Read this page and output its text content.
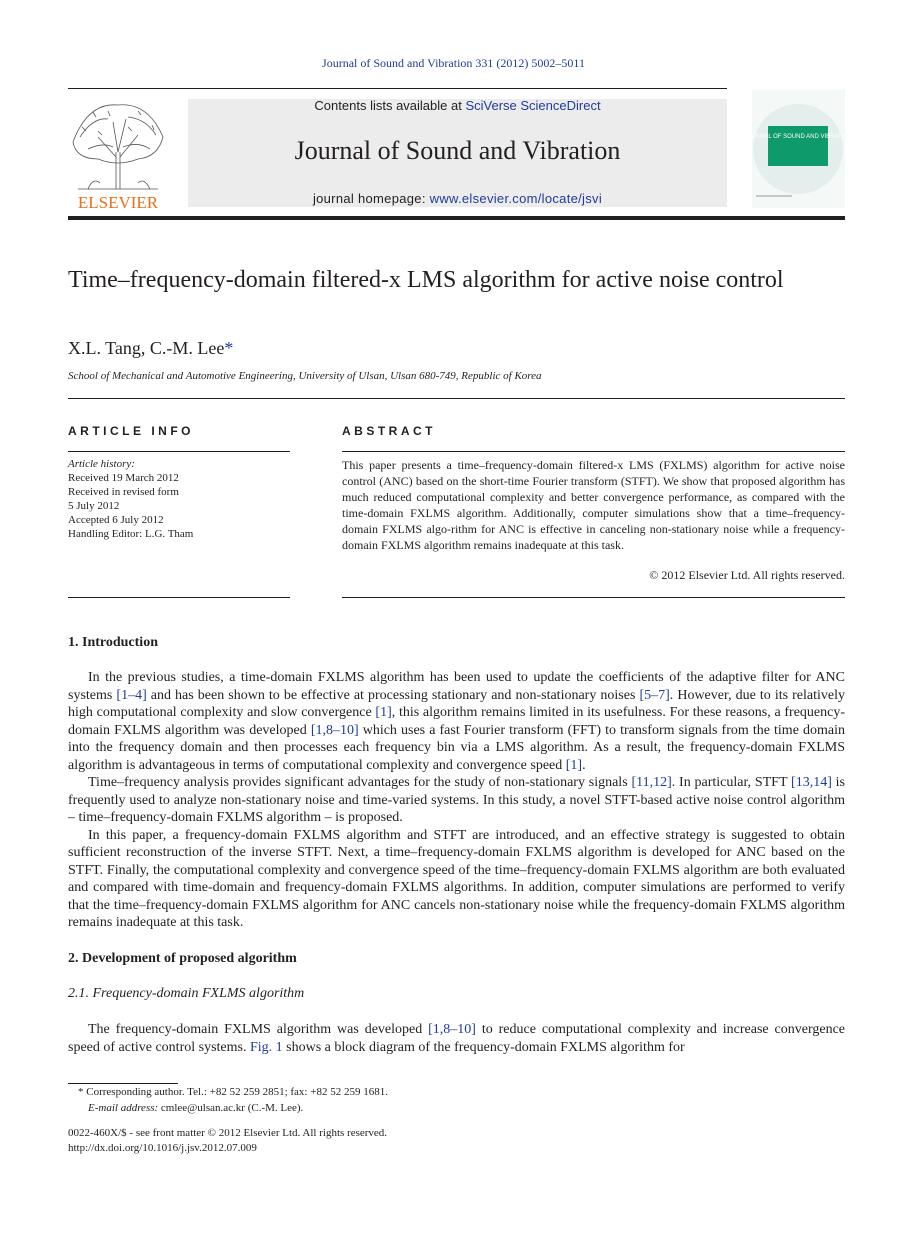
Journal of Sound and Vibration 331 (2012) 5002–5011
ELSEVIER
Contents lists available at SciVerse ScienceDirect
Journal of Sound and Vibration
journal homepage: www.elsevier.com/locate/jsvi
JOURNAL OF SOUND AND VIBRATION
Time–frequency-domain filtered-x LMS algorithm for active noise control
X.L. Tang, C.-M. Lee*
School of Mechanical and Automotive Engineering, University of Ulsan, Ulsan 680-749, Republic of Korea
ARTICLE INFO	ABSTRACT
Article history:
Received 19 March 2012
Received in revised form
5 July 2012
Accepted 6 July 2012
Handling Editor: L.G. Tham
This paper presents a time–frequency-domain filtered-x LMS (FXLMS) algorithm for active noise control (ANC) based on the short-time Fourier transform (STFT). We show that proposed algorithm has much reduced computational complexity and better convergence performance, as compared with the time-domain FXLMS algorithm. Additionally, computer simulations show that a time–frequency-domain FXLMS algo-rithm for ANC is effective in canceling non-stationary noise while a frequency-domain FXLMS algorithm remains inadequate at this task.
© 2012 Elsevier Ltd. All rights reserved.
1. Introduction

In the previous studies, a time-domain FXLMS algorithm has been used to update the coefficients of the adaptive filter for ANC systems [1–4] and has been shown to be effective at processing stationary and non-stationary noises [5–7]. However, due to its relatively high computational complexity and slow convergence [1], this algorithm remains limited in its usefulness. For these reasons, a frequency-domain FXLMS algorithm was developed [1,8–10] which uses a fast Fourier transform (FFT) to transform signals from the time domain into the frequency domain and then processes each frequency bin via a LMS algorithm. As a result, the frequency-domain FXLMS algorithm is advantageous in terms of computational complexity and convergence speed [1].

Time–frequency analysis provides significant advantages for the study of non-stationary signals [11,12]. In particular, STFT [13,14] is frequently used to analyze non-stationary noise and time-varied systems. In this study, a novel STFT-based active noise control algorithm – time–frequency-domain FXLMS algorithm – is proposed.

In this paper, a frequency-domain FXLMS algorithm and STFT are introduced, and an effective strategy is suggested to obtain sufficient reconstruction of the inverse STFT. Next, a time–frequency-domain FXLMS algorithm is developed for ANC based on the STFT. Finally, the computational complexity and convergence speed of the time–frequency-domain FXLMS algorithm are both evaluated and compared with time-domain and frequency-domain FXLMS algorithms. In addition, computer simulations are performed to verify that the time–frequency-domain FXLMS algorithm for ANC cancels non-stationary noise while the frequency-domain FXLMS algorithm remains inadequate at this task.

2. Development of proposed algorithm
2.1. Frequency-domain FXLMS algorithm

The frequency-domain FXLMS algorithm was developed [1,8–10] to reduce computational complexity and increase convergence speed of active control systems. Fig. 1 shows a block diagram of the frequency-domain FXLMS algorithm for

* Corresponding author. Tel.: +82 52 259 2851; fax: +82 52 259 1681.
E-mail address: cmlee@ulsan.ac.kr (C.-M. Lee).
0022-460X/$ - see front matter © 2012 Elsevier Ltd. All rights reserved.
http://dx.doi.org/10.1016/j.jsv.2012.07.009
